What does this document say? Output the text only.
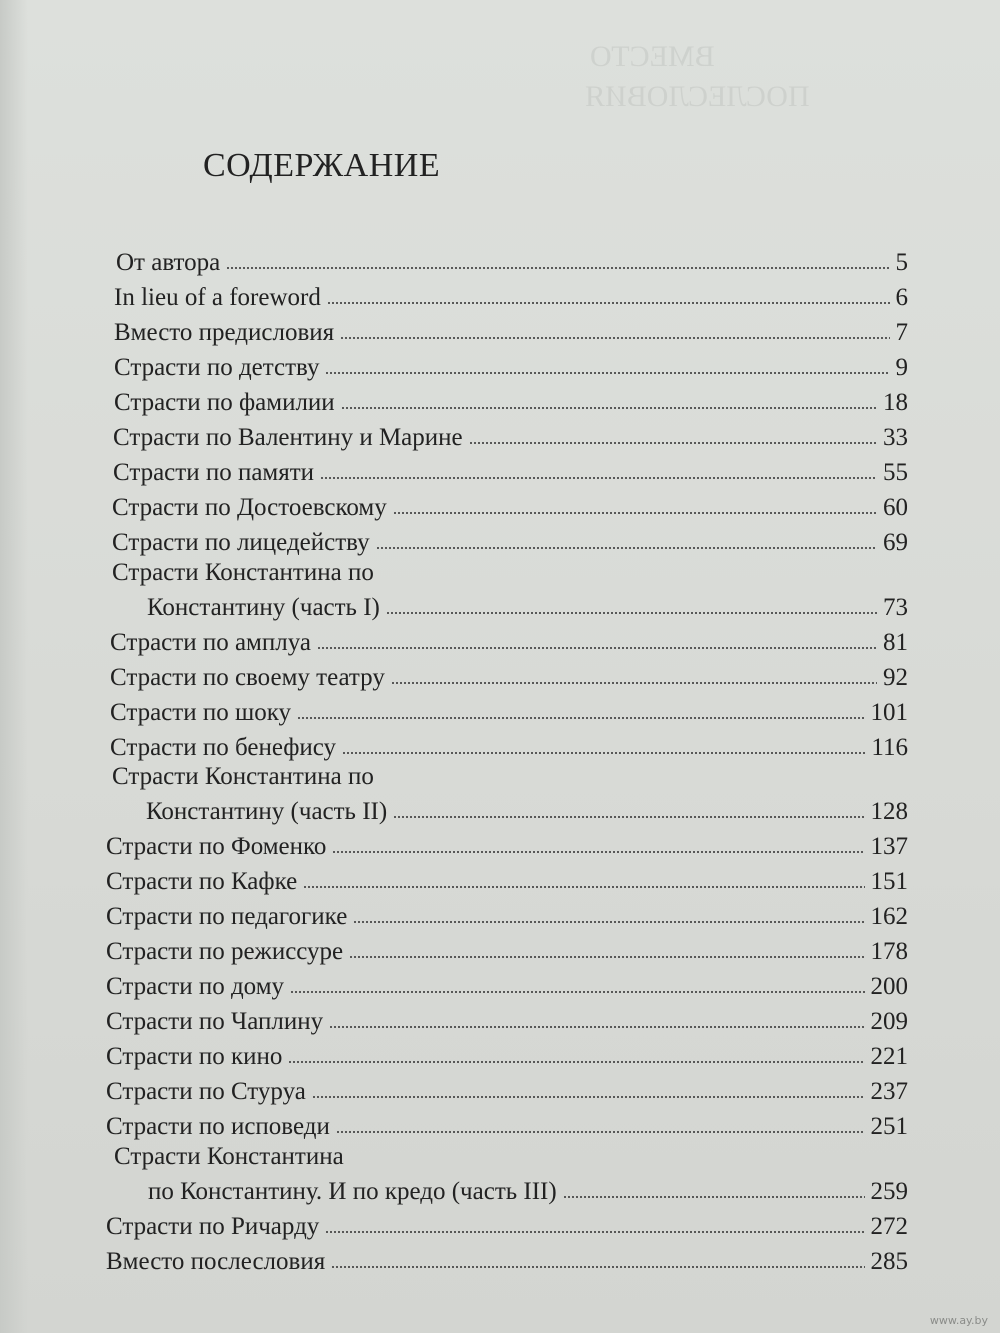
ВМЕСТО
ПОСЛЕСЛОВИЯ
СОДЕРЖАНИЕ
От автора	5
In lieu of a foreword	6
Вместо предисловия	7
Страсти по детству	9
Страсти по фамилии	18
Страсти по Валентину и Марине	33
Страсти по памяти	55
Страсти по Достоевскому	60
Страсти по лицедейству	69
Страсти Константина по
Константину (часть I)	73
Страсти по амплуа	81
Страсти по своему театру	92
Страсти по шоку	101
Страсти по бенефису	116
Страсти Константина по
Константину (часть II)	128
Страсти по Фоменко	137
Страсти по Кафке	151
Страсти по педагогике	162
Страсти по режиссуре	178
Страсти по дому	200
Страсти по Чаплину	209
Страсти по кино	221
Страсти по Стуруа	237
Страсти по исповеди	251
Страсти Константина
по Константину. И по кредо (часть III)	259
Страсти по Ричарду	272
Вместо послесловия	285
www.ay.by
